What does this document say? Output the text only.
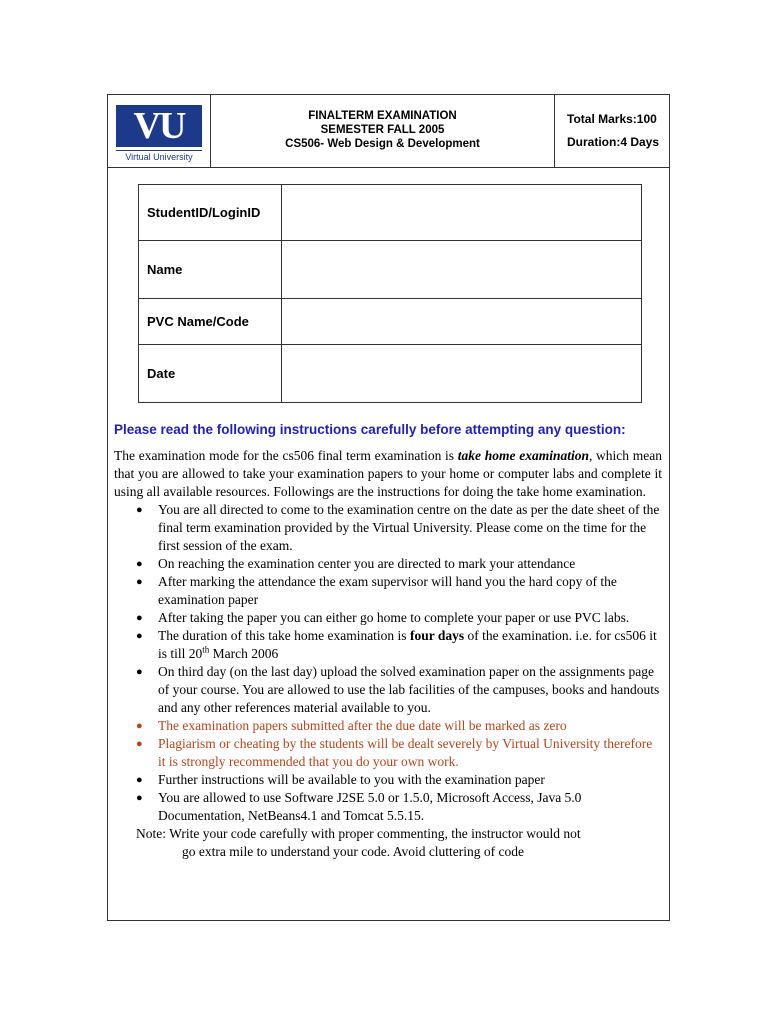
VU
Virtual University
FINALTERM EXAMINATION
SEMESTER FALL 2005
CS506- Web Design & Development
Total Marks:100
Duration:4 Days
StudentID/LoginID
Name
PVC Name/Code
Date
Please read the following instructions carefully before attempting any question:

The examination mode for the cs506 final term examination is take home examination, which mean that you are allowed to take your examination papers to your home or computer labs and complete it using all available resources. Followings are the instructions for doing the take home examination.

● You are all directed to come to the examination centre on the date as per the date sheet of the final term examination provided by the Virtual University. Please come on the time for the first session of the exam.
● On reaching the examination center you are directed to mark your attendance
● After marking the attendance the exam supervisor will hand you the hard copy of the examination paper
● After taking the paper you can either go home to complete your paper or use PVC labs.
● The duration of this take home examination is four days of the examination. i.e. for cs506 it is till 20th March 2006
● On third day (on the last day) upload the solved examination paper on the assignments page of your course. You are allowed to use the lab facilities of the campuses, books and handouts and any other references material available to you.
● The examination papers submitted after the due date will be marked as zero
● Plagiarism or cheating by the students will be dealt severely by Virtual University therefore it is strongly recommended that you do your own work.
● Further instructions will be available to you with the examination paper
● You are allowed to use Software J2SE 5.0 or 1.5.0, Microsoft Access, Java 5.0 Documentation, NetBeans4.1 and Tomcat 5.5.15.
Note: Write your code carefully with proper commenting, the instructor would not
go extra mile to understand your code. Avoid cluttering of code
